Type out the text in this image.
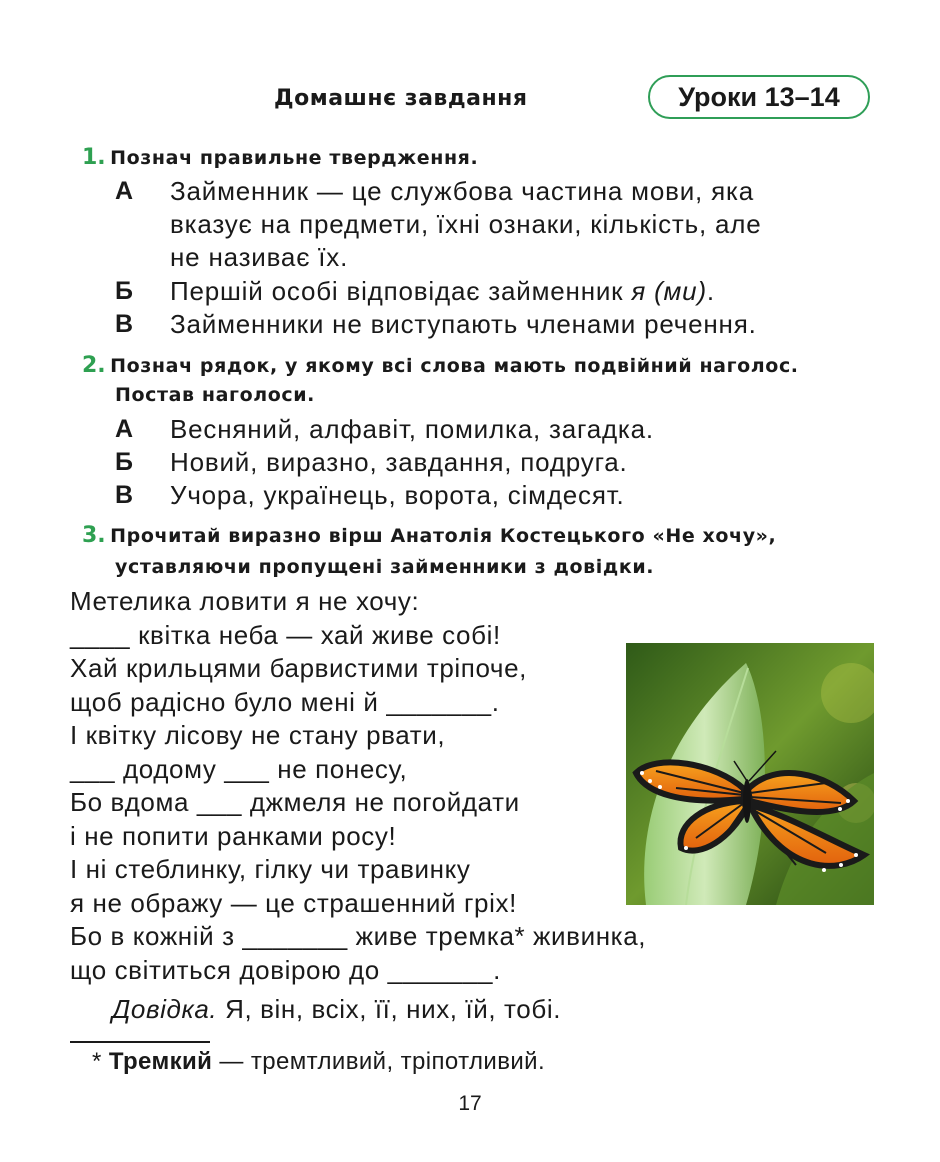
Домашнє завдання	Уроки 13–14
1. Познач правильне твердження.
А Займенник — це службова частина мови, яка
вказує на предмети, їхні ознаки, кількість, але
не називає їх.
Б Першій особі відповідає займенник я (ми).
В Займенники не виступають членами речення.
2. Познач рядок, у якому всі слова мають подвійний наголос.
Постав наголоси.
А Весняний, алфавіт, помилка, загадка.
Б Новий, виразно, завдання, подруга.
В Учора, українець, ворота, сімдесят.
3. Прочитай виразно вірш Анатолія Костецького «Не хочу»,
уставляючи пропущені займенники з довідки.
Метелика ловити я не хочу:
____ квітка неба — хай живе собі!
Хай крильцями барвистими тріпоче,
щоб радісно було мені й _______.
І квітку лісову не стану рвати,
___ додому ___ не понесу,
Бо вдома ___ джмеля не погойдати
і не попити ранками росу!
І ні стеблинку, гілку чи травинку
я не ображу — це страшенний гріх!
Бо в кожній з _______ живе тремка* живинка,
що світиться довірою до _______.
Довідка. Я, він, всіх, її, них, їй, тобі.
* Тремкий — тремтливий, тріпотливий.
17
